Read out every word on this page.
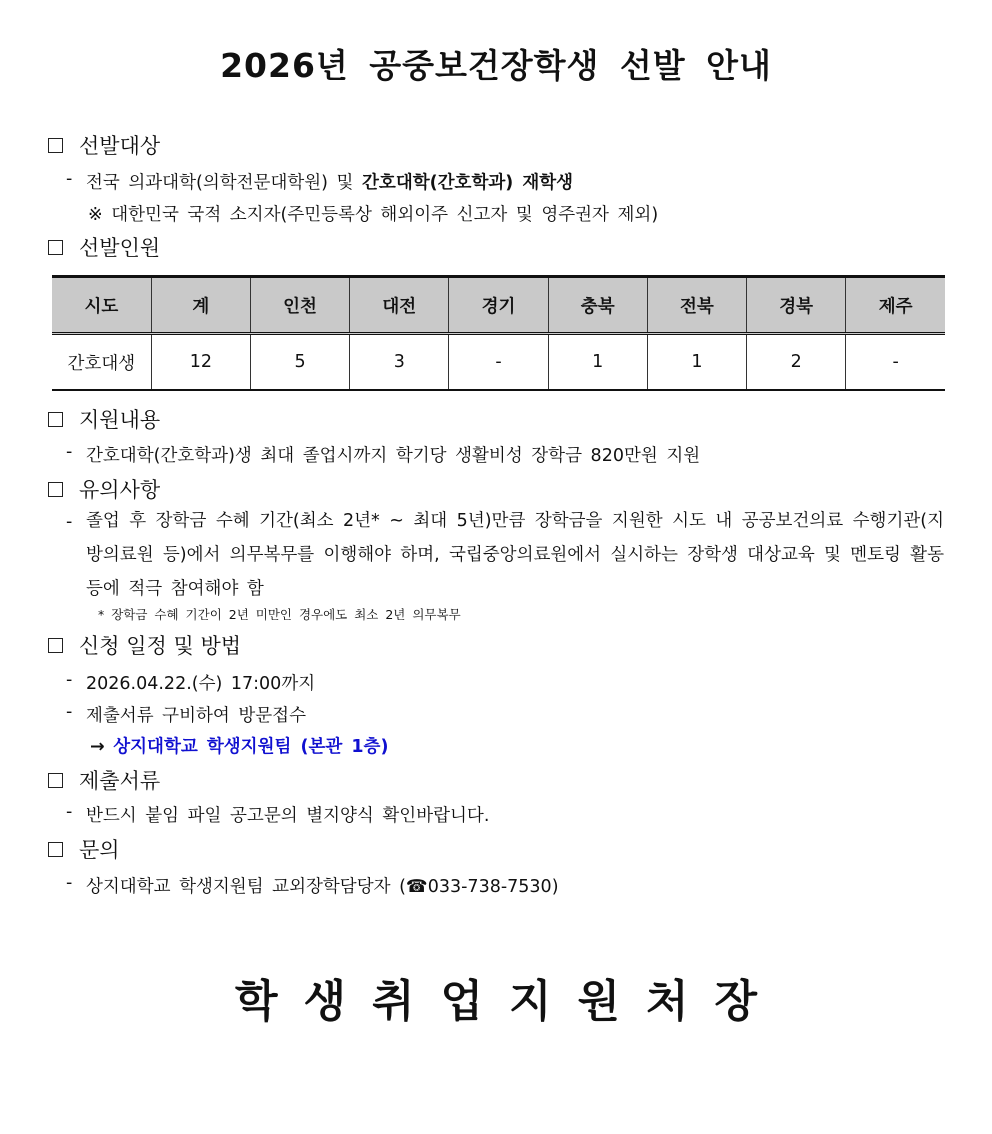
2026년 공중보건장학생 선발 안내
선발대상
- 전국 의과대학(의학전문대학원) 및 간호대학(간호학과) 재학생
※ 대한민국 국적 소지자(주민등록상 해외이주 신고자 및 영주권자 제외)
선발인원
시도	계	인천	대전	경기	충북	전북	경북	제주
간호대생	12	5	3	-	1	1	2	-
지원내용
- 간호대학(간호학과)생 최대 졸업시까지 학기당 생활비성 장학금 820만원 지원
유의사항
- 졸업 후 장학금 수혜 기간(최소 2년* ~ 최대 5년)만큼 장학금을 지원한 시도 내 공공보건의료 수행기관(지방의료원 등)에서 의무복무를 이행해야 하며, 국립중앙의료원에서 실시하는 장학생 대상교육 및 멘토링 활동 등에 적극 참여해야 함
* 장학금 수혜 기간이 2년 미만인 경우에도 최소 2년 의무복무
신청 일정 및 방법
- 2026.04.22.(수) 17:00까지
- 제출서류 구비하여 방문접수
→ 상지대학교 학생지원팀 (본관 1층)
제출서류
- 반드시 붙임 파일 공고문의 별지양식 확인바랍니다.
문의
- 상지대학교 학생지원팀 교외장학담당자 (☎033-738-7530)
학생취업지원처장
